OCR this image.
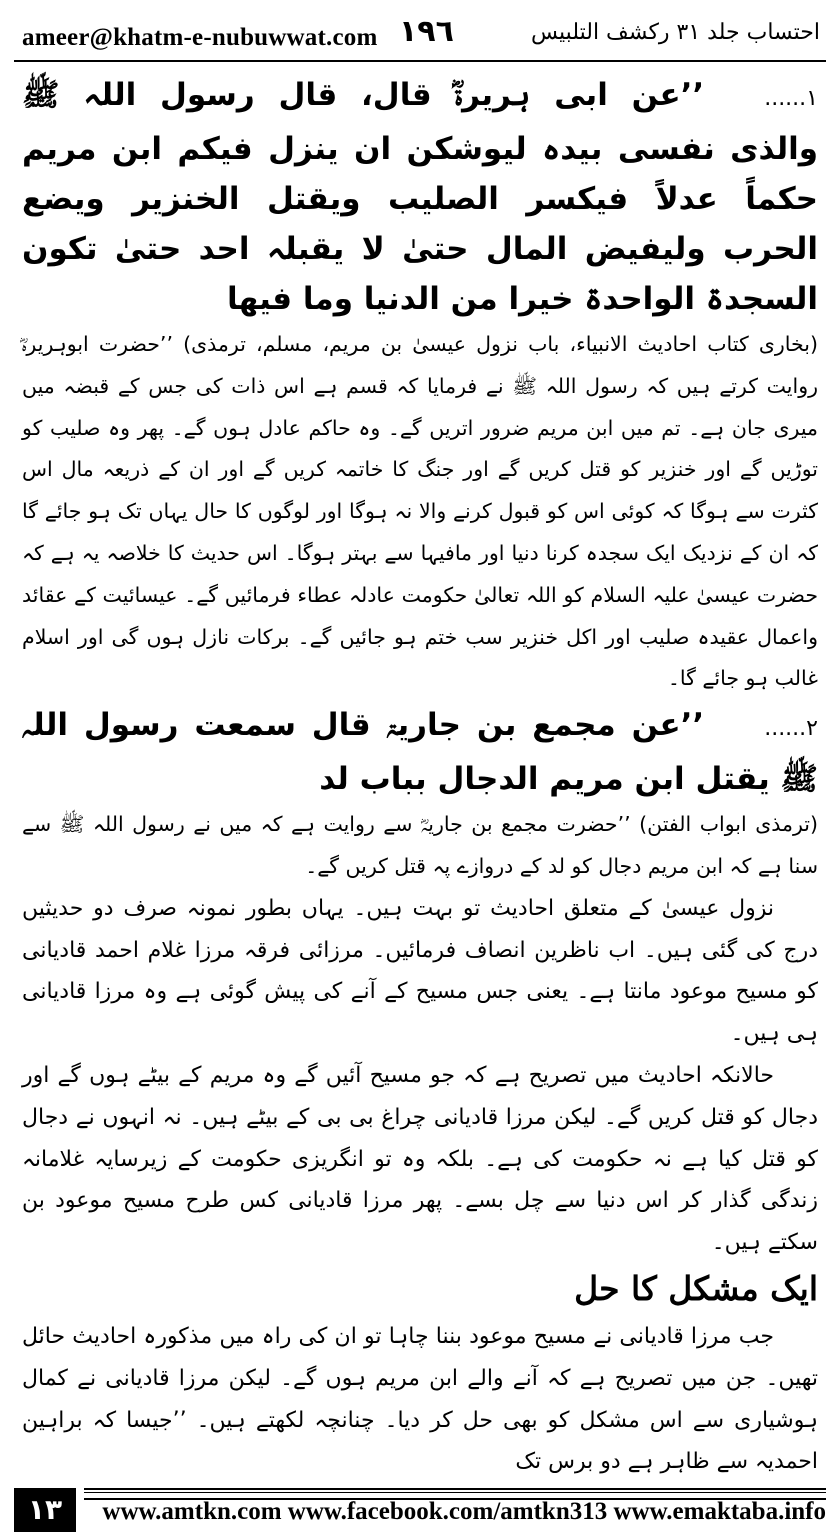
ameer@khatm-e-nubuwwat.com ١٩٦	احتساب جلد ۳۱ رکشف التلبیس

۱......’’عن ابی ہریرۃؓ قال، قال رسول اللہ ﷺ والذی نفسی بیدہ لیوشکن ان ینزل فیکم ابن مریم حکماً عدلاً فیکسر الصلیب ویقتل الخنزیر ویضع الحرب ولیفیض المال حتیٰ لا یقبلہ احد حتیٰ تکون السجدۃ الواحدۃ خیرا من الدنیا وما فیھا

(بخاری کتاب احادیث الانبیاء، باب نزول عیسیٰ بن مریم، مسلم، ترمذی) ’’حضرت ابوہریرہؓ روایت کرتے ہیں کہ رسول اللہ ﷺ نے فرمایا کہ قسم ہے اس ذات کی جس کے قبضہ میں میری جان ہے۔ تم میں ابن مریم ضرور اتریں گے۔ وہ حاکم عادل ہوں گے۔ پھر وہ صلیب کو توڑیں گے اور خنزیر کو قتل کریں گے اور جنگ کا خاتمہ کریں گے اور ان کے ذریعہ مال اس کثرت سے ہوگا کہ کوئی اس کو قبول کرنے والا نہ ہوگا اور لوگوں کا حال یہاں تک ہو جائے گا کہ ان کے نزدیک ایک سجدہ کرنا دنیا اور مافیہا سے بہتر ہوگا۔ اس حدیث کا خلاصہ یہ ہے کہ حضرت عیسیٰ علیہ السلام کو اللہ تعالیٰ حکومت عادلہ عطاء فرمائیں گے۔ عیسائیت کے عقائد واعمال عقیدہ صلیب اور اکل خنزیر سب ختم ہو جائیں گے۔ برکات نازل ہوں گی اور اسلام غالب ہو جائے گا۔

۲......’’عن مجمع بن جاریۃ قال سمعت رسول اللہ ﷺ یقتل ابن مریم الدجال بباب لد

(ترمذی ابواب الفتن) ’’حضرت مجمع بن جاریہؓ سے روایت ہے کہ میں نے رسول اللہ ﷺ سے سنا ہے کہ ابن مریم دجال کو لد کے دروازے پہ قتل کریں گے۔

نزول عیسیٰ کے متعلق احادیث تو بہت ہیں۔ یہاں بطور نمونہ صرف دو حدیثیں درج کی گئی ہیں۔ اب ناظرین انصاف فرمائیں۔ مرزائی فرقہ مرزا غلام احمد قادیانی کو مسیح موعود مانتا ہے۔ یعنی جس مسیح کے آنے کی پیش گوئی ہے وہ مرزا قادیانی ہی ہیں۔

حالانکہ احادیث میں تصریح ہے کہ جو مسیح آئیں گے وہ مریم کے بیٹے ہوں گے اور دجال کو قتل کریں گے۔ لیکن مرزا قادیانی چراغ بی بی کے بیٹے ہیں۔ نہ انہوں نے دجال کو قتل کیا ہے نہ حکومت کی ہے۔ بلکہ وہ تو انگریزی حکومت کے زیرسایہ غلامانہ زندگی گذار کر اس دنیا سے چل بسے۔ پھر مرزا قادیانی کس طرح مسیح موعود بن سکتے ہیں۔

ایک مشکل کا حل

جب مرزا قادیانی نے مسیح موعود بننا چاہا تو ان کی راہ میں مذکورہ احادیث حائل تھیں۔ جن میں تصریح ہے کہ آنے والے ابن مریم ہوں گے۔ لیکن مرزا قادیانی نے کمال ہوشیاری سے اس مشکل کو بھی حل کر دیا۔ چنانچہ لکھتے ہیں۔ ’’جیسا کہ براہین احمدیہ سے ظاہر ہے دو برس تک

۱۳	www.amtkn.com www.facebook.com/amtkn313 www.emaktaba.info
